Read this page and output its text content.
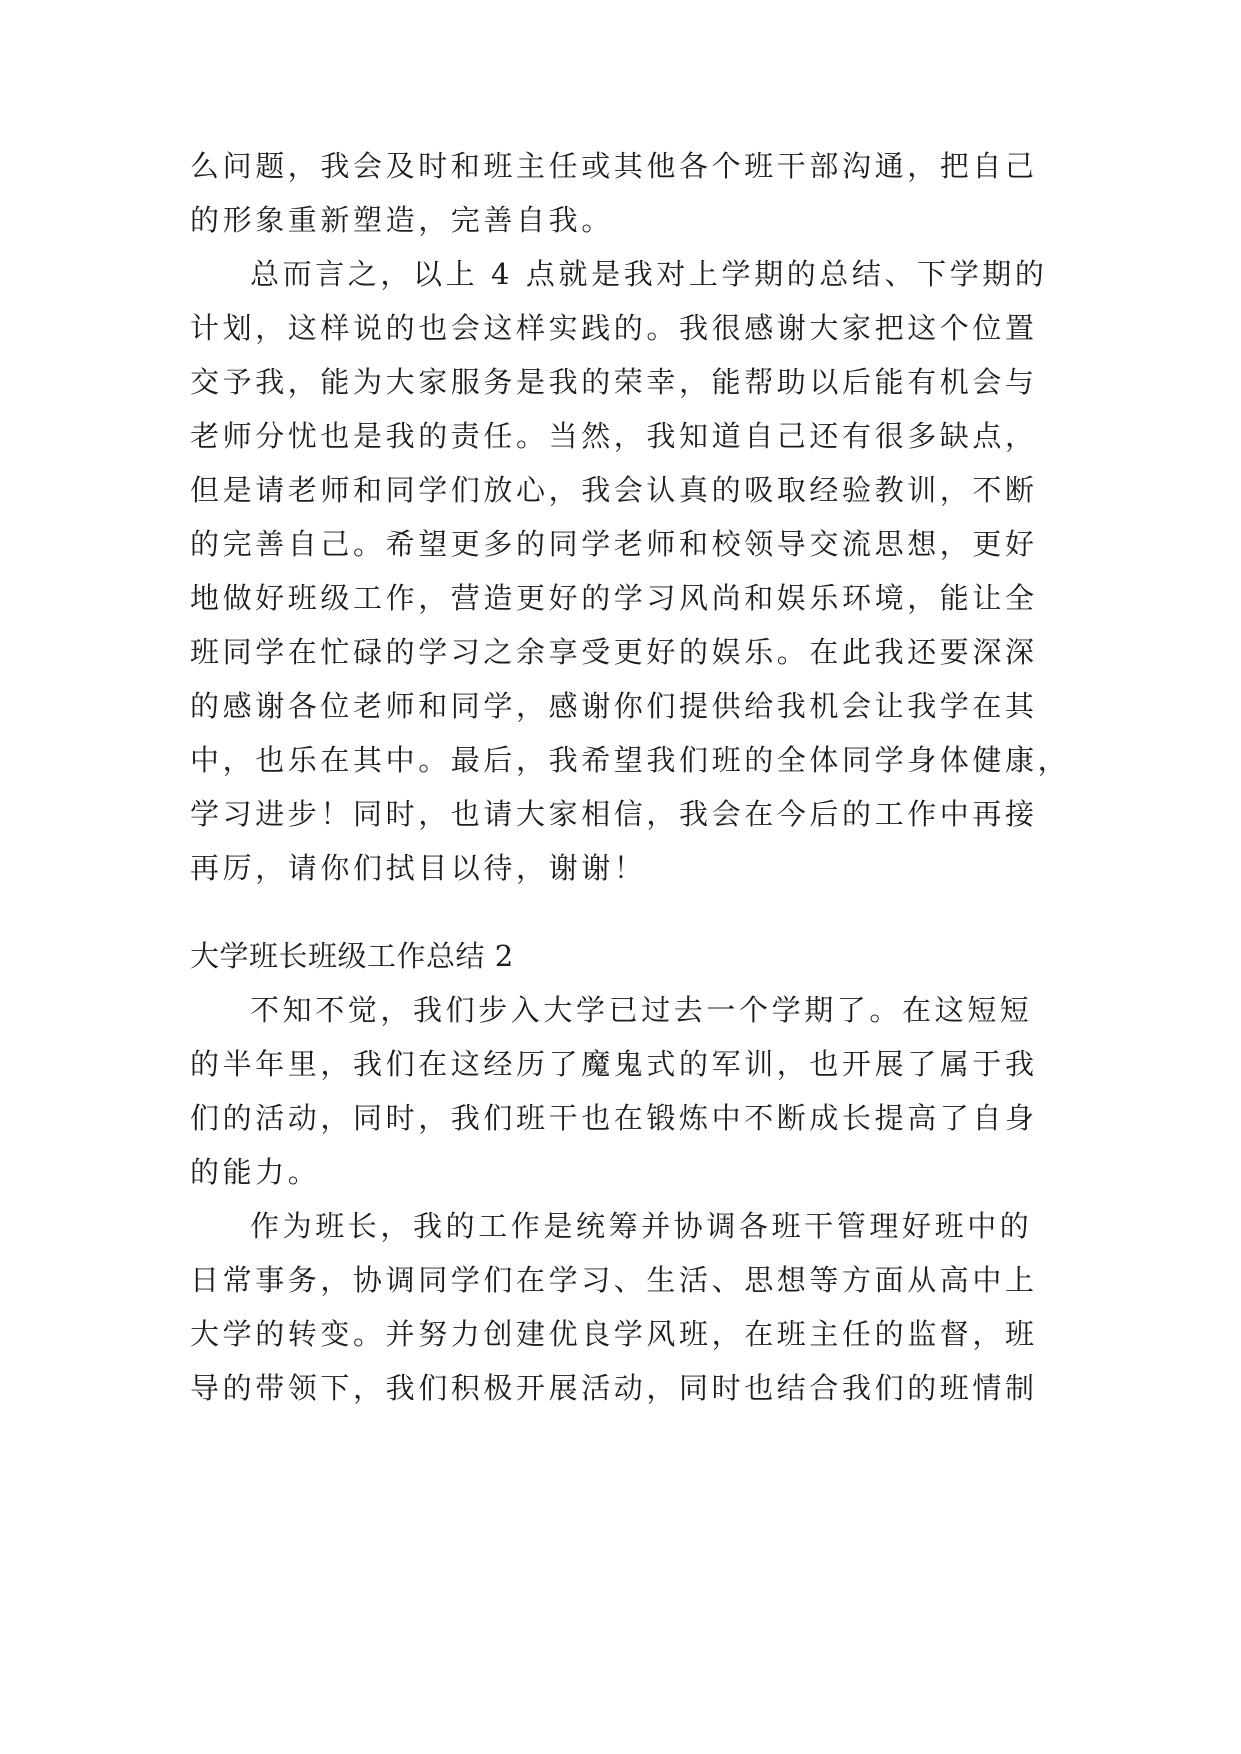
么问题，我会及时和班主任或其他各个班干部沟通，把自己
的形象重新塑造，完善自我。
总而言之，以上 4 点就是我对上学期的总结、下学期的
计划，这样说的也会这样实践的。我很感谢大家把这个位置
交予我，能为大家服务是我的荣幸，能帮助以后能有机会与
老师分忧也是我的责任。当然，我知道自己还有很多缺点，
但是请老师和同学们放心，我会认真的吸取经验教训，不断
的完善自己。希望更多的同学老师和校领导交流思想，更好
地做好班级工作，营造更好的学习风尚和娱乐环境，能让全
班同学在忙碌的学习之余享受更好的娱乐。在此我还要深深
的感谢各位老师和同学，感谢你们提供给我机会让我学在其
中，也乐在其中。最后，我希望我们班的全体同学身体健康，
学习进步！同时，也请大家相信，我会在今后的工作中再接
再厉，请你们拭目以待，谢谢！
大学班长班级工作总结 2
不知不觉，我们步入大学已过去一个学期了。在这短短
的半年里，我们在这经历了魔鬼式的军训，也开展了属于我
们的活动，同时，我们班干也在锻炼中不断成长提高了自身
的能力。
作为班长，我的工作是统筹并协调各班干管理好班中的
日常事务，协调同学们在学习、生活、思想等方面从高中上
大学的转变。并努力创建优良学风班，在班主任的监督，班
导的带领下，我们积极开展活动，同时也结合我们的班情制
